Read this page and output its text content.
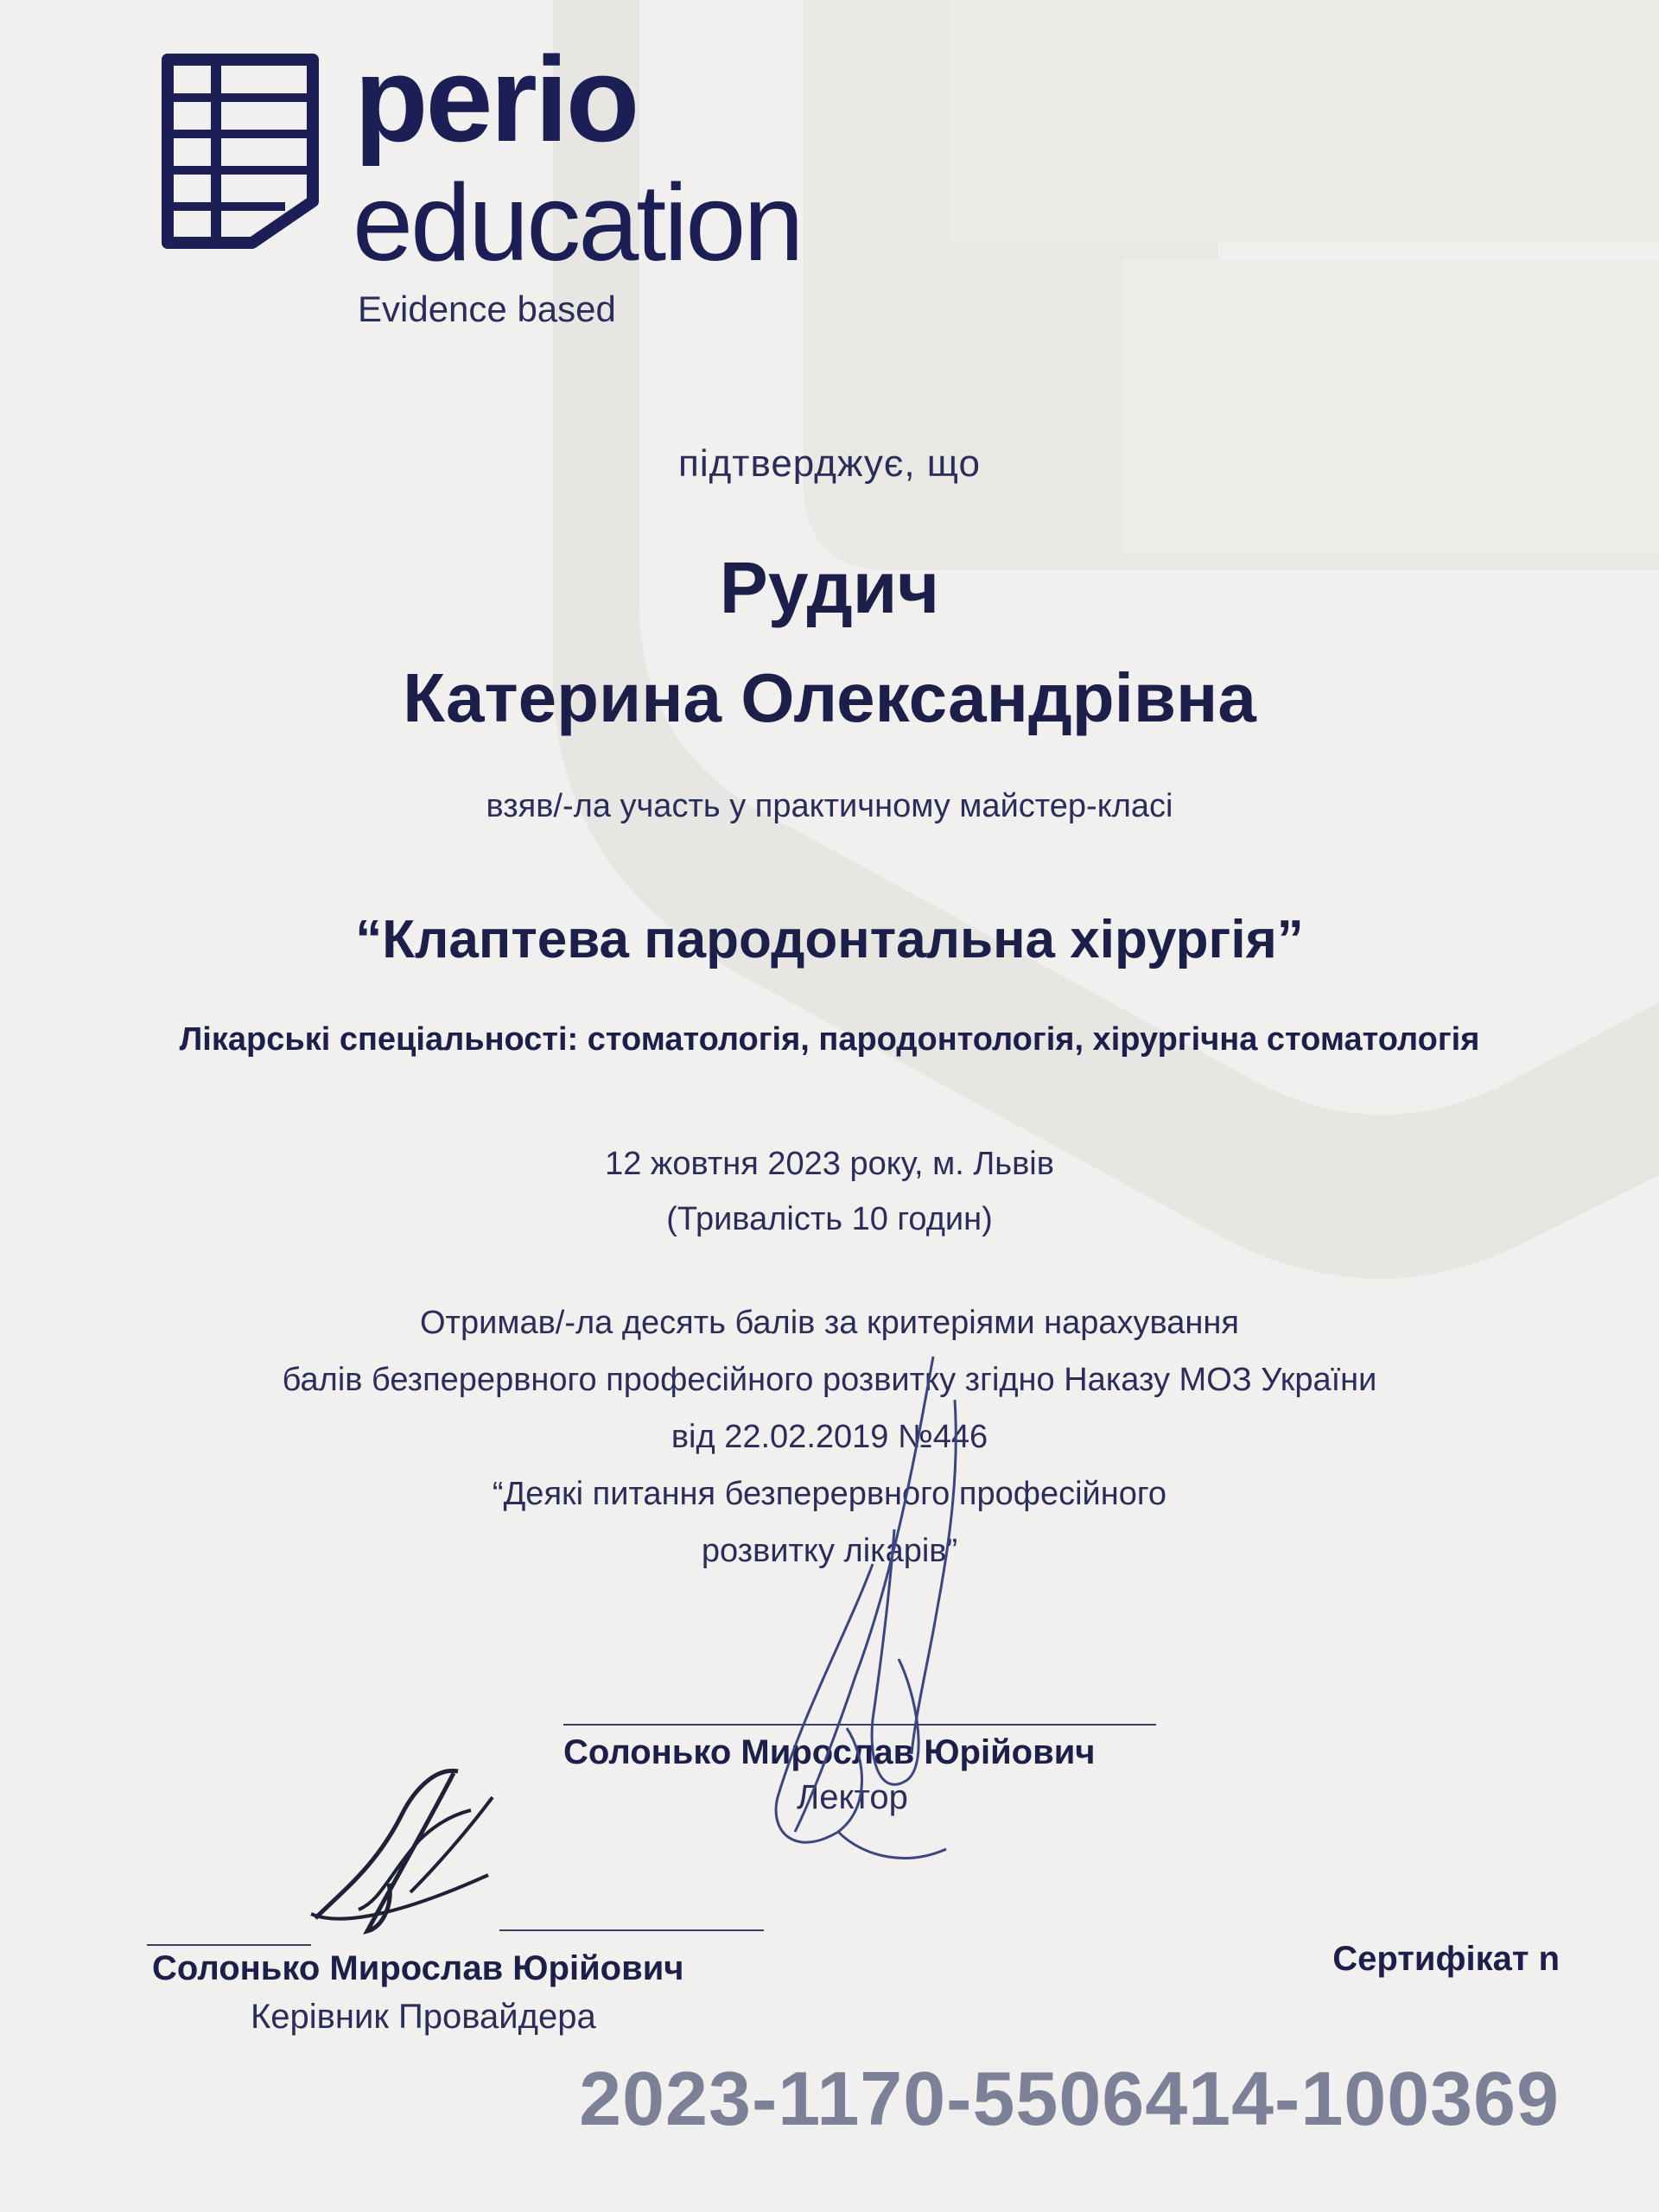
perio
education
Evidence based
підтверджує, що
Рудич
Катерина Олександрівна
взяв/-ла участь у практичному майстер-класі
“Клаптева пародонтальна хірургія”
Лікарські спеціальності: стоматологія, пародонтологія, хірургічна стоматологія
12 жовтня 2023 року, м. Львів
(Тривалість 10 годин)
Отримав/-ла десять балів за критеріями нарахування
балів безперервного професійного розвитку згідно Наказу МОЗ України
від 22.02.2019 №446
“Деякі питання безперервного професійного
розвитку лікарів”
Солонько Мирослав Юрійович
Лектор
Солонько Мирослав Юрійович
Керівник Провайдера
Сертифікат n
2023-1170-5506414-100369
